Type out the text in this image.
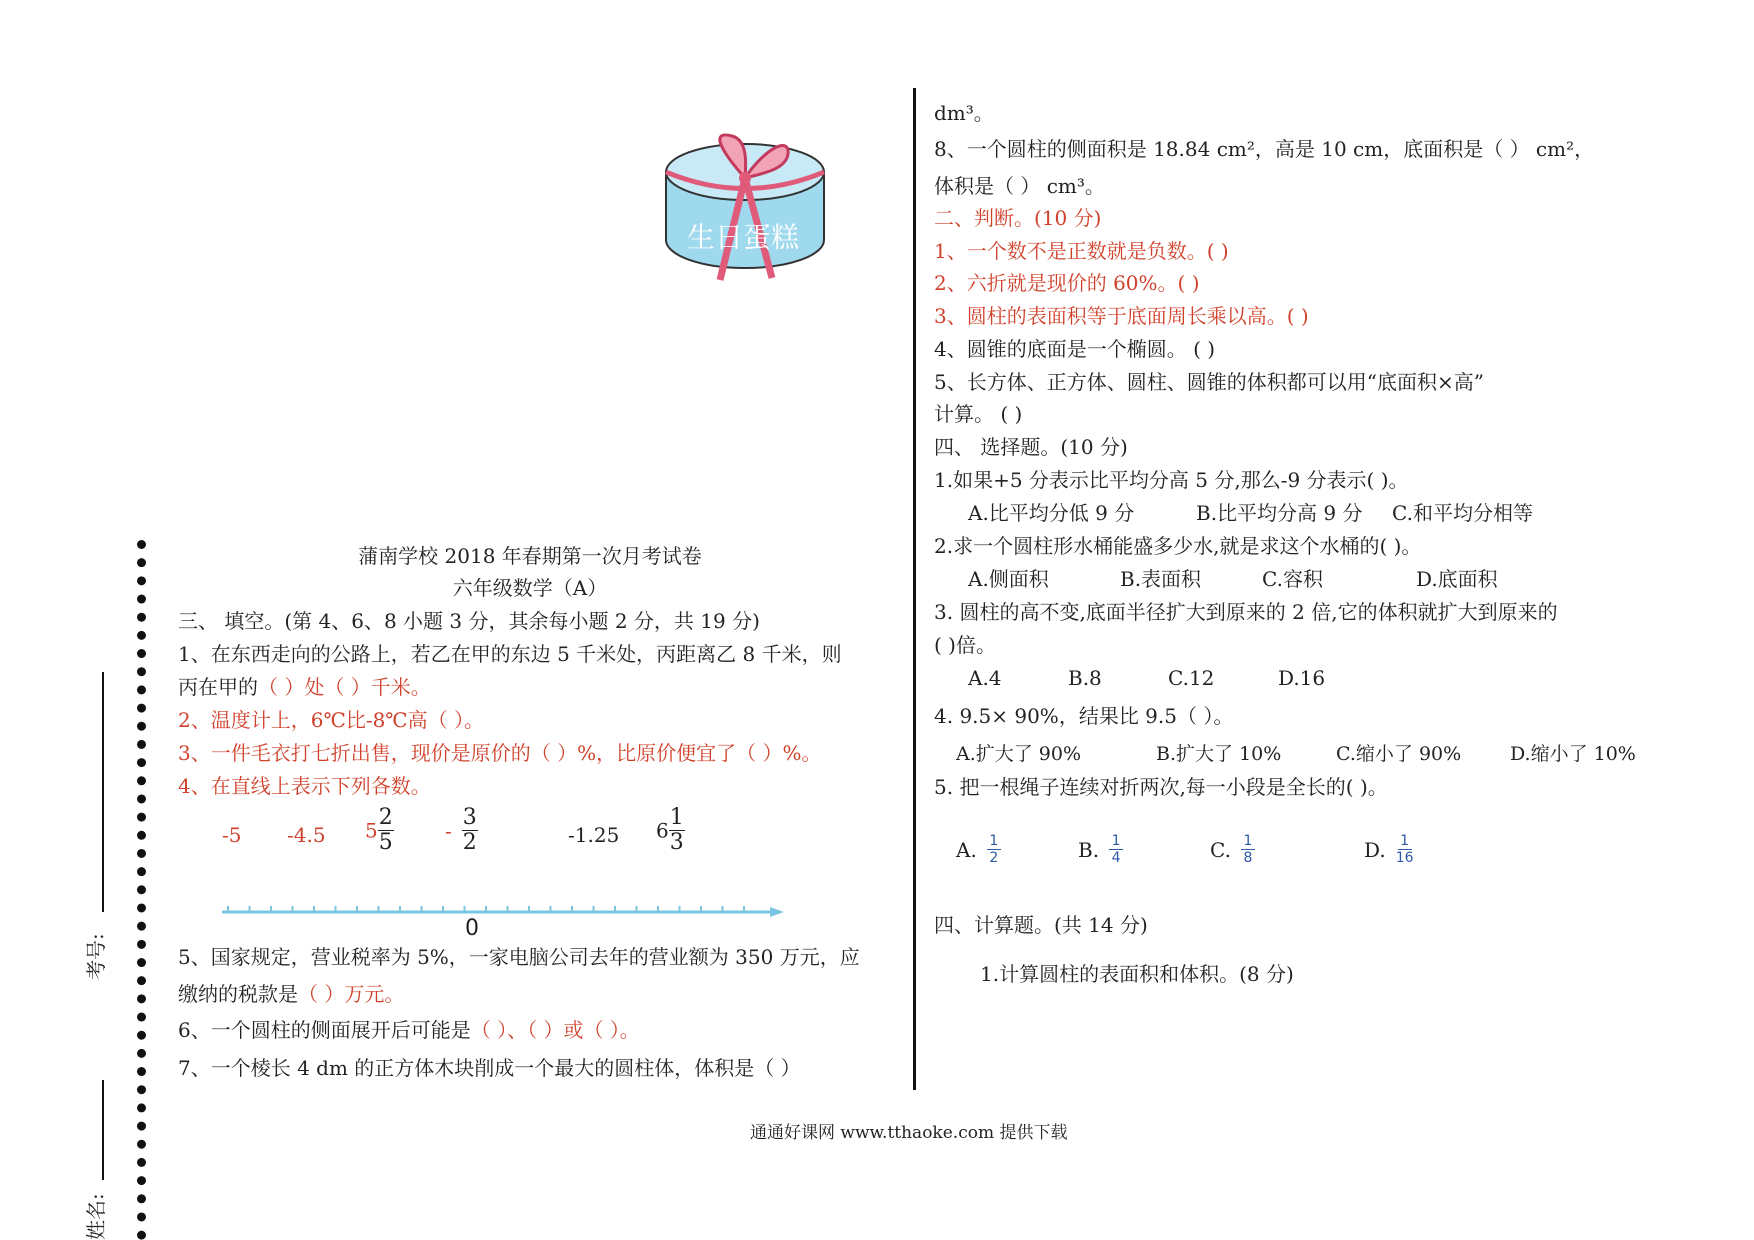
生日蛋糕
蒲南学校 2018 年春期第一次月考试卷
六年级数学（A）
三、 填空。(第 4、6、8 小题 3 分，其余每小题 2 分，共 19 分)
1、在东西走向的公路上，若乙在甲的东边 5 千米处，丙距离乙 8 千米，则
丙在甲的（ ）处（ ）千米。
2、温度计上，6℃比-8℃高（ ）。
3、一件毛衣打七折出售，现价是原价的（ ）%，比原价便宜了（ ）%。
4、在直线上表示下列各数。
-5 -4.5 $5 \frac{2}{5}$	- $\frac{3}{2}$	-1.25 $6 \frac{1}{3}$
0
5、国家规定，营业税率为 5%，一家电脑公司去年的营业额为 350 万元，应
缴纳的税款是（ ）万元。
6、一个圆柱的侧面展开后可能是（ ）、（ ）或（ ）。
7、一个棱长 4 dm 的正方体木块削成一个最大的圆柱体，体积是（ ）
dm³。
8、一个圆柱的侧面积是 18.84 cm²，高是 10 cm，底面积是（ ） cm²，
体积是（ ） cm³。
二、判断。(10 分)
1、一个数不是正数就是负数。( )
2、六折就是现价的 60%。( )
3、圆柱的表面积等于底面周长乘以高。( )
4、圆锥的底面是一个椭圆。 ( )
5、长方体、正方体、圆柱、圆锥的体积都可以用“底面积×高”
计算。 ( )
四、 选择题。(10 分)
1.如果+5 分表示比平均分高 5 分,那么-9 分表示( )。
A.比平均分低 9 分	B.比平均分高 9 分 C.和平均分相等
2.求一个圆柱形水桶能盛多少水,就是求这个水桶的( )。
A.侧面积	B.表面积	C.容积	D.底面积
3. 圆柱的高不变,底面半径扩大到原来的 2 倍,它的体积就扩大到原来的
( )倍。
A.4	B.8	C.12	D.16
4. 9.5× 90%，结果比 9.5（ ）。
A.扩大了 90%	B.扩大了 10%	C.缩小了 90%	D.缩小了 10%
5. 把一根绳子连续对折两次,每一小段是全长的( )。
A. $\frac{1}{2}$	B. $\frac{1}{4}$	C. $\frac{1}{8}$	D. $\frac{1}{16}$
四、计算题。(共 14 分)
1.计算圆柱的表面积和体积。(8 分)
通通好课网 www.tthaoke.com 提供下载
考号:
姓名:
